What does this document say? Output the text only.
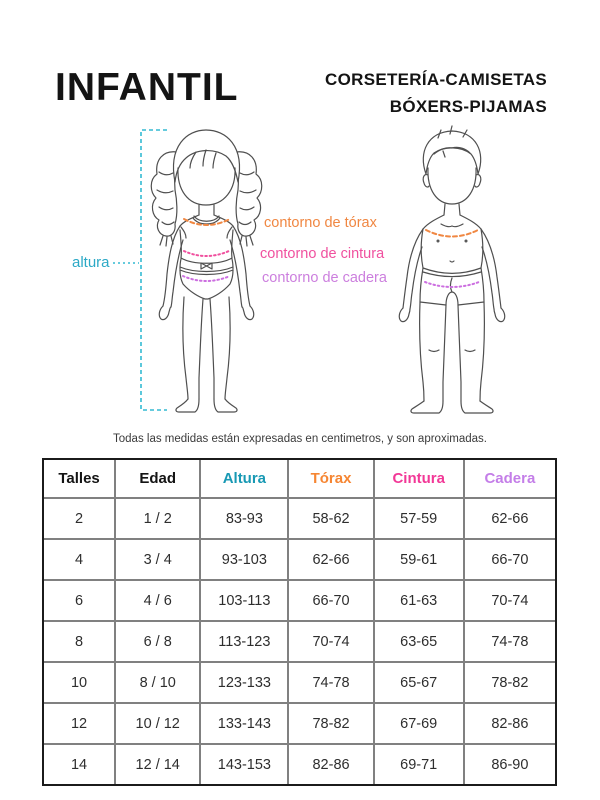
INFANTIL	CORSETERÍA-CAMISETAS
BÓXERS-PIJAMAS
altura
contorno de tórax
contorno de cintura
contorno de cadera
Todas las medidas están expresadas en centimetros, y son aproximadas.
Talles	Edad	Altura	Tórax	Cintura	Cadera
2	1 / 2	83-93	58-62	57-59	62-66
4	3 / 4	93-103	62-66	59-61	66-70
6	4 / 6	103-113	66-70	61-63	70-74
8	6 / 8	113-123	70-74	63-65	74-78
10	8 / 10	123-133	74-78	65-67	78-82
12	10 / 12	133-143	78-82	67-69	82-86
14	12 / 14	143-153	82-86	69-71	86-90
